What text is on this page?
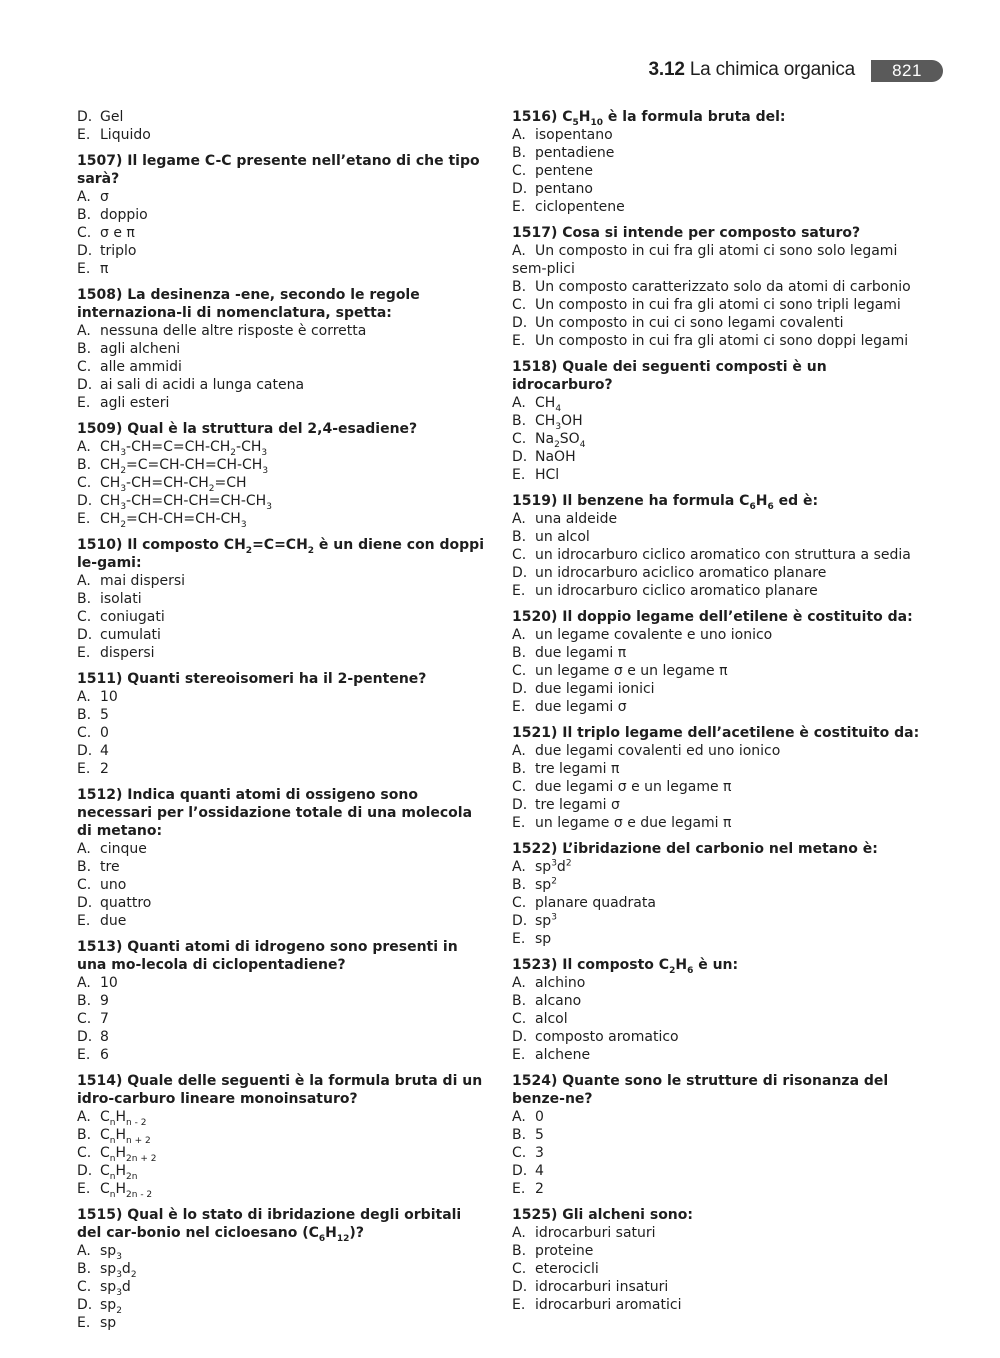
3.12 La chimica organica	821
D. Gel
E. Liquido
1507) Il legame C-C presente nell’etano di che tipo sarà?
A. σ
B. doppio
C. σ e π
D. triplo
E. π
1508) La desinenza -ene, secondo le regole internaziona-li di nomenclatura, spetta:
A. nessuna delle altre risposte è corretta
B. agli alcheni
C. alle ammidi
D. ai sali di acidi a lunga catena
E. agli esteri
1509) Qual è la struttura del 2,4-esadiene?
A. $CH_3-CH=C=CH-CH_2-CH_3$
B. $CH_2=C=CH-CH=CH-CH_3$
C. $CH_3-CH=CH-CH_2=CH$
D. $CH_3-CH=CH-CH=CH-CH_3$
E. $CH_2=CH-CH=CH-CH_3$
1510) Il composto $CH_2=C=CH_2$ è un diene con doppi le-gami:
A. mai dispersi
B. isolati
C. coniugati
D. cumulati
E. dispersi
1511) Quanti stereoisomeri ha il 2-pentene?
A. 10
B. 5
C. 0
D. 4
E. 2
1512) Indica quanti atomi di ossigeno sono necessari per l’ossidazione totale di una molecola di metano:
A. cinque
B. tre
C. uno
D. quattro
E. due
1513) Quanti atomi di idrogeno sono presenti in una mo-lecola di ciclopentadiene?
A. 10
B. 9
C. 7
D. 8
E. 6
1514) Quale delle seguenti è la formula bruta di un idro-carburo lineare monoinsaturo?
A. $C_nH_{n - 2}$
B. $C_nH_{n + 2}$
C. $C_nH_{2n + 2}$
D. $C_nH_{2n}$
E. $C_nH_{2n - 2}$
1515) Qual è lo stato di ibridazione degli orbitali del car-bonio nel cicloesano $(C_6H_{12})$?
A. $sp_3$
B. $sp_3d_2$
C. $sp_3d$
D. $sp_2$
E. sp
1516) $C_5H_{10}$ è la formula bruta del:
A. isopentano
B. pentadiene
C. pentene
D. pentano
E. ciclopentene
1517) Cosa si intende per composto saturo?
A. Un composto in cui fra gli atomi ci sono solo legami sem-plici
B. Un composto caratterizzato solo da atomi di carbonio
C. Un composto in cui fra gli atomi ci sono tripli legami
D. Un composto in cui ci sono legami covalenti
E. Un composto in cui fra gli atomi ci sono doppi legami
1518) Quale dei seguenti composti è un idrocarburo?
A. $CH_4$
B. $CH_3OH$
C. $Na_2SO_4$
D. NaOH
E. HCl
1519) Il benzene ha formula $C_6H_6$ ed è:
A. una aldeide
B. un alcol
C. un idrocarburo ciclico aromatico con struttura a sedia
D. un idrocarburo aciclico aromatico planare
E. un idrocarburo ciclico aromatico planare
1520) Il doppio legame dell’etilene è costituito da:
A. un legame covalente e uno ionico
B. due legami π
C. un legame σ e un legame π
D. due legami ionici
E. due legami σ
1521) Il triplo legame dell’acetilene è costituito da:
A. due legami covalenti ed uno ionico
B. tre legami π
C. due legami σ e un legame π
D. tre legami σ
E. un legame σ e due legami π
1522) L’ibridazione del carbonio nel metano è:
A. $sp^3d^2$
B. $sp^2$
C. planare quadrata
D. $sp^3$
E. sp
1523) Il composto $C_2H_6$ è un:
A. alchino
B. alcano
C. alcol
D. composto aromatico
E. alchene
1524) Quante sono le strutture di risonanza del benze-ne?
A. 0
B. 5
C. 3
D. 4
E. 2
1525) Gli alcheni sono:
A. idrocarburi saturi
B. proteine
C. eterocicli
D. idrocarburi insaturi
E. idrocarburi aromatici
